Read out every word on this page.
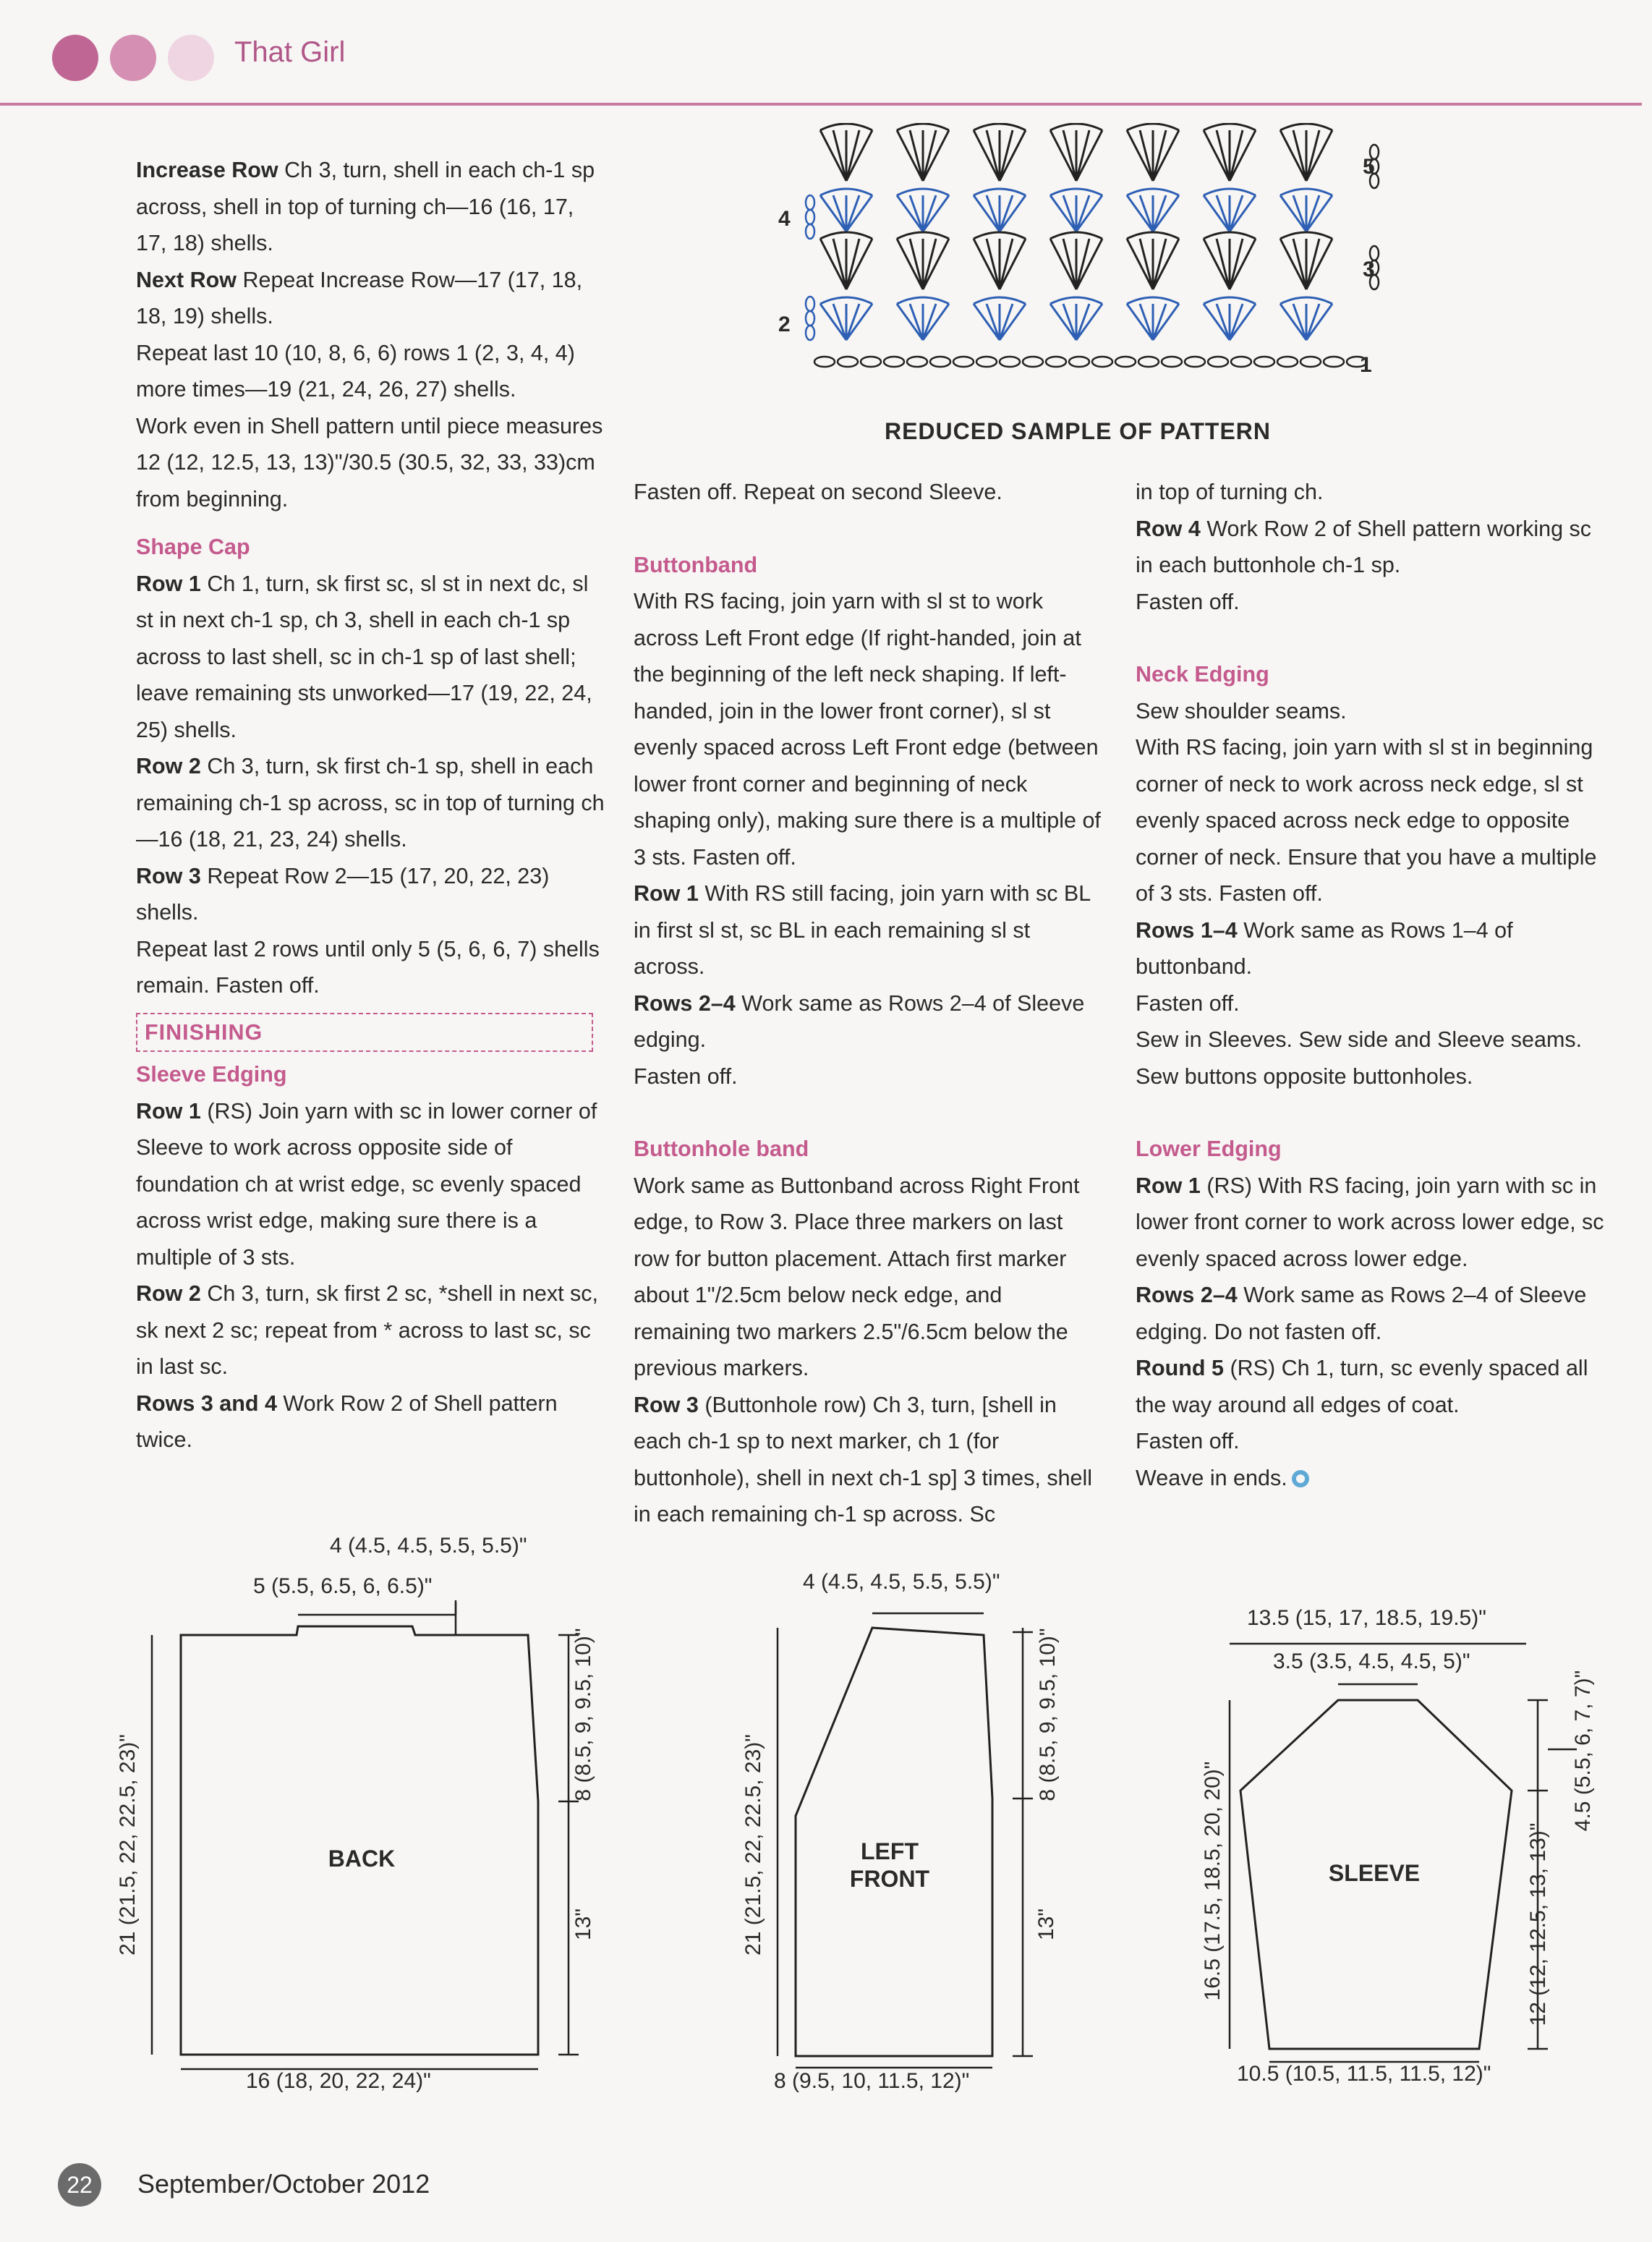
That Girl

Increase Row Ch 3, turn, shell in each ch-1 sp across, shell in top of turning ch—16 (16, 17, 17, 18) shells.

Next Row Repeat Increase Row—17 (17, 18, 18, 19) shells.

Repeat last 10 (10, 8, 6, 6) rows 1 (2, 3, 4, 4) more times—19 (21, 24, 26, 27) shells.

Work even in Shell pattern until piece measures 12 (12, 12.5, 13, 13)"/30.5 (30.5, 32, 33, 33)cm from beginning.

Shape Cap

Row 1 Ch 1, turn, sk first sc, sl st in next dc, sl st in next ch-1 sp, ch 3, shell in each ch-1 sp across to last shell, sc in ch-1 sp of last shell; leave remaining sts unworked—17 (19, 22, 24, 25) shells.

Row 2 Ch 3, turn, sk first ch-1 sp, shell in each remaining ch-1 sp across, sc in top of turning ch—16 (18, 21, 23, 24) shells.

Row 3 Repeat Row 2—15 (17, 20, 22, 23) shells.

Repeat last 2 rows until only 5 (5, 6, 6, 7) shells remain. Fasten off.

FINISHING

Sleeve Edging

Row 1 (RS) Join yarn with sc in lower corner of Sleeve to work across opposite side of foundation ch at wrist edge, sc evenly spaced across wrist edge, making sure there is a multiple of 3 sts.

Row 2 Ch 3, turn, sk first 2 sc, *shell in next sc, sk next 2 sc; repeat from * across to last sc, sc in last sc.

Rows 3 and 4 Work Row 2 of Shell pattern twice.

5
3
1
4
2
REDUCED SAMPLE OF PATTERN

Fasten off. Repeat on second Sleeve.

Buttonband

With RS facing, join yarn with sl st to work across Left Front edge (If right-handed, join at the beginning of the left neck shaping. If left-handed, join in the lower front corner), sl st evenly spaced across Left Front edge (between lower front corner and beginning of neck shaping only), making sure there is a multiple of 3 sts. Fasten off.

Row 1 With RS still facing, join yarn with sc BL in first sl st, sc BL in each remaining sl st across.

Rows 2–4 Work same as Rows 2–4 of Sleeve edging.

Fasten off.

Buttonhole band

Work same as Buttonband across Right Front edge, to Row 3. Place three markers on last row for button placement. Attach first marker about 1"/2.5cm below neck edge, and remaining two markers 2.5"/6.5cm below the previous markers.

Row 3 (Buttonhole row) Ch 3, turn, [shell in each ch-1 sp to next marker, ch 1 (for buttonhole), shell in next ch-1 sp] 3 times, shell in each remaining ch-1 sp across. Sc

in top of turning ch.

Row 4 Work Row 2 of Shell pattern working sc in each buttonhole ch-1 sp.

Fasten off.

Neck Edging

Sew shoulder seams.

With RS facing, join yarn with sl st in beginning corner of neck to work across neck edge, sl st evenly spaced across neck edge to opposite corner of neck. Ensure that you have a multiple of 3 sts. Fasten off.

Rows 1–4 Work same as Rows 1–4 of buttonband.

Fasten off.

Sew in Sleeves. Sew side and Sleeve seams.

Sew buttons opposite buttonholes.

Lower Edging

Row 1 (RS) With RS facing, join yarn with sc in lower front corner to work across lower edge, sc evenly spaced across lower edge.

Rows 2–4 Work same as Rows 2–4 of Sleeve edging. Do not fasten off.

Round 5 (RS) Ch 1, turn, sc evenly spaced all the way around all edges of coat.

Fasten off.

Weave in ends.

4 (4.5, 4.5, 5.5, 5.5)"
5 (5.5, 6.5, 6, 6.5)"
16 (18, 20, 22, 24)"
BACK
8 (8.5, 9, 9.5, 10)"
13"
21 (21.5, 22, 22.5, 23)"
4 (4.5, 4.5, 5.5, 5.5)"
8 (9.5, 10, 11.5, 12)"
LEFT
FRONT
8 (8.5, 9, 9.5, 10)"
13"
21 (21.5, 22, 22.5, 23)"
13.5 (15, 17, 18.5, 19.5)"
3.5 (3.5, 4.5, 4.5, 5)"
10.5 (10.5, 11.5, 11.5, 12)"
SLEEVE
4.5 (5.5, 6, 7, 7)"
12 (12, 12.5, 13, 13)"
16.5 (17.5, 18.5, 20, 20)"
22	September/October 2012
